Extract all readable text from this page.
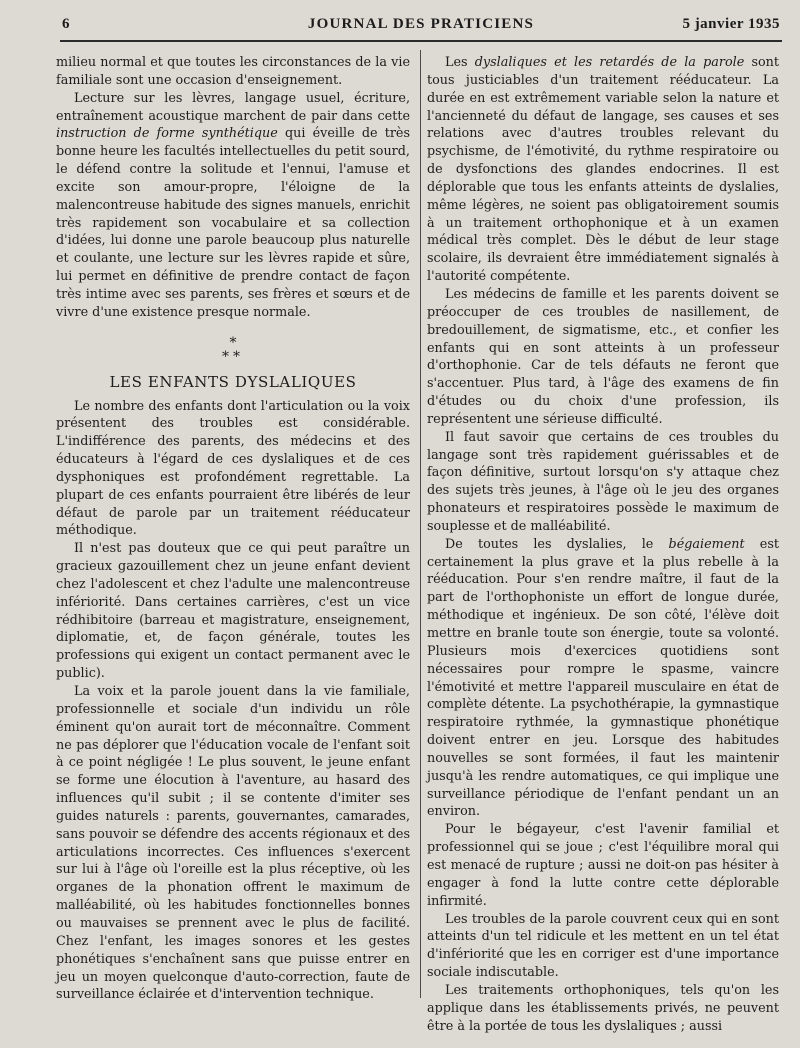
6	JOURNAL DES PRATICIENS	5 janvier 1935

milieu normal et que toutes les circonstances de la vie familiale sont une occasion d'enseignement.

Lecture sur les lèvres, langage usuel, écriture, entraînement acoustique marchent de pair dans cette instruction de forme synthétique qui éveille de très bonne heure les facultés intellectuelles du petit sourd, le défend contre la solitude et l'ennui, l'amuse et excite son amour-propre, l'éloigne de la malencontreuse habitude des signes manuels, enrichit très rapidement son vocabulaire et sa collection d'idées, lui donne une parole beaucoup plus naturelle et coulante, une lecture sur les lèvres rapide et sûre, lui permet en définitive de prendre contact de façon très intime avec ses parents, ses frères et sœurs et de vivre d'une existence presque normale.

*
**
LES ENFANTS DYSLALIQUES

Le nombre des enfants dont l'articulation ou la voix présentent des troubles est considérable. L'indifférence des parents, des médecins et des éducateurs à l'égard de ces dyslaliques et de ces dysphoniques est profondément regrettable. La plupart de ces enfants pourraient être libérés de leur défaut de parole par un traitement rééducateur méthodique.

Il n'est pas douteux que ce qui peut paraître un gracieux gazouillement chez un jeune enfant devient chez l'adolescent et chez l'adulte une malencontreuse infériorité. Dans certaines carrières, c'est un vice rédhibitoire (barreau et magistrature, enseignement, diplomatie, et, de façon générale, toutes les professions qui exigent un contact permanent avec le public).

La voix et la parole jouent dans la vie familiale, professionnelle et sociale d'un individu un rôle éminent qu'on aurait tort de méconnaître. Comment ne pas déplorer que l'éducation vocale de l'enfant soit à ce point négligée ! Le plus souvent, le jeune enfant se forme une élocution à l'aventure, au hasard des influences qu'il subit ; il se contente d'imiter ses guides naturels : parents, gouvernantes, camarades, sans pouvoir se défendre des accents régionaux et des articulations incorrectes. Ces influences s'exercent sur lui à l'âge où l'oreille est la plus réceptive, où les organes de la phonation offrent le maximum de malléabilité, où les habitudes fonctionnelles bonnes ou mauvaises se prennent avec le plus de facilité. Chez l'enfant, les images sonores et les gestes phonétiques s'enchaînent sans que puisse entrer en jeu un moyen quelconque d'auto-correction, faute de surveillance éclairée et d'intervention technique.

Les dyslaliques et les retardés de la parole sont tous justiciables d'un traitement rééducateur. La durée en est extrêmement variable selon la nature et l'ancienneté du défaut de langage, ses causes et ses relations avec d'autres troubles relevant du psychisme, de l'émotivité, du rythme respiratoire ou de dysfonctions des glandes endocrines. Il est déplorable que tous les enfants atteints de dyslalies, même légères, ne soient pas obligatoirement soumis à un traitement orthophonique et à un examen médical très complet. Dès le début de leur stage scolaire, ils devraient être immédiatement signalés à l'autorité compétente.

Les médecins de famille et les parents doivent se préoccuper de ces troubles de nasillement, de bredouillement, de sigmatisme, etc., et confier les enfants qui en sont atteints à un professeur d'orthophonie. Car de tels défauts ne feront que s'accentuer. Plus tard, à l'âge des examens de fin d'études ou du choix d'une profession, ils représentent une sérieuse difficulté.

Il faut savoir que certains de ces troubles du langage sont très rapidement guérissables et de façon définitive, surtout lorsqu'on s'y attaque chez des sujets très jeunes, à l'âge où le jeu des organes phonateurs et respiratoires possède le maximum de souplesse et de malléabilité.

De toutes les dyslalies, le bégaiement est certainement la plus grave et la plus rebelle à la rééducation. Pour s'en rendre maître, il faut de la part de l'orthophoniste un effort de longue durée, méthodique et ingénieux. De son côté, l'élève doit mettre en branle toute son énergie, toute sa volonté. Plusieurs mois d'exercices quotidiens sont nécessaires pour rompre le spasme, vaincre l'émotivité et mettre l'appareil musculaire en état de complète détente. La psychothérapie, la gymnastique respiratoire rythmée, la gymnastique phonétique doivent entrer en jeu. Lorsque des habitudes nouvelles se sont formées, il faut les maintenir jusqu'à les rendre automatiques, ce qui implique une surveillance périodique de l'enfant pendant un an environ.

Pour le bégayeur, c'est l'avenir familial et professionnel qui se joue ; c'est l'équilibre moral qui est menacé de rupture ; aussi ne doit-on pas hésiter à engager à fond la lutte contre cette déplorable infirmité.

Les troubles de la parole couvrent ceux qui en sont atteints d'un tel ridicule et les mettent en un tel état d'infériorité que les en corriger est d'une importance sociale indiscutable.

Les traitements orthophoniques, tels qu'on les applique dans les établissements privés, ne peuvent être à la portée de tous les dyslaliques ; aussi
